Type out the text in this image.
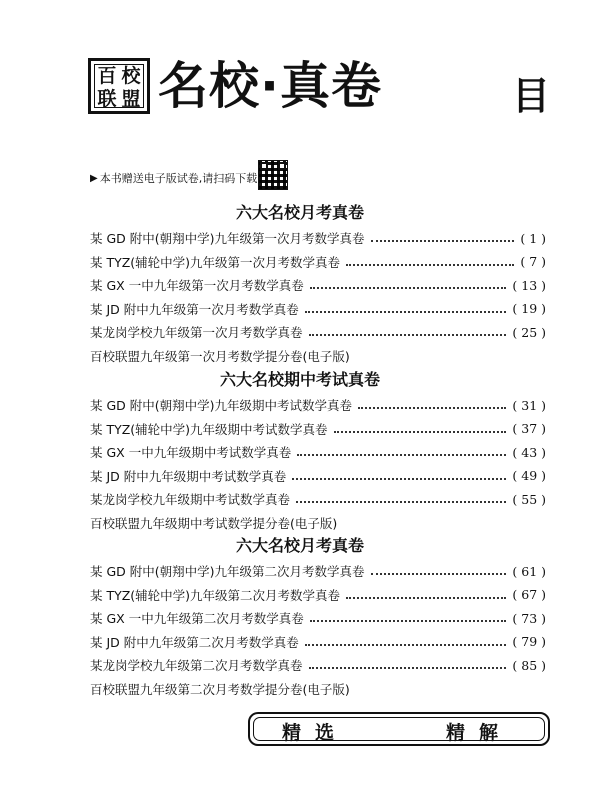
百 校
联 盟 名校·真卷	目
▶ 本书赠送电子版试卷,请扫码下载
六大名校月考真卷
某 GD 附中(朝翔中学)九年级第一次月考数学真卷	( 1 )
某 TYZ(辅轮中学)九年级第一次月考数学真卷	( 7 )
某 GX 一中九年级第一次月考数学真卷	( 13 )
某 JD 附中九年级第一次月考数学真卷	( 19 )
某龙岗学校九年级第一次月考数学真卷	( 25 )
百校联盟九年级第一次月考数学提分卷(电子版)
六大名校期中考试真卷
某 GD 附中(朝翔中学)九年级期中考试数学真卷	( 31 )
某 TYZ(辅轮中学)九年级期中考试数学真卷	( 37 )
某 GX 一中九年级期中考试数学真卷	( 43 )
某 JD 附中九年级期中考试数学真卷	( 49 )
某龙岗学校九年级期中考试数学真卷	( 55 )
百校联盟九年级期中考试数学提分卷(电子版)
六大名校月考真卷
某 GD 附中(朝翔中学)九年级第二次月考数学真卷	( 61 )
某 TYZ(辅轮中学)九年级第二次月考数学真卷	( 67 )
某 GX 一中九年级第二次月考数学真卷	( 73 )
某 JD 附中九年级第二次月考数学真卷	( 79 )
某龙岗学校九年级第二次月考数学真卷	( 85 )
百校联盟九年级第二次月考数学提分卷(电子版)
精选	精解
